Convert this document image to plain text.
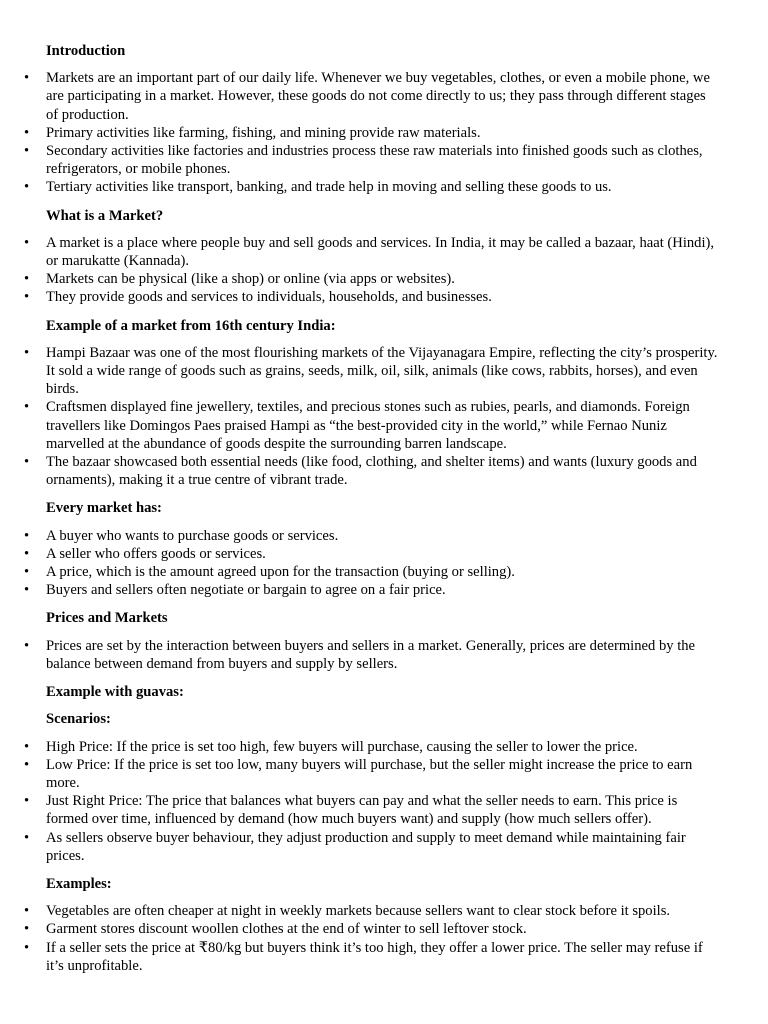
Introduction
• Markets are an important part of our daily life. Whenever we buy vegetables, clothes, or even a mobile phone, we are participating in a market. However, these goods do not come directly to us; they pass through different stages of production.
• Primary activities like farming, fishing, and mining provide raw materials.
• Secondary activities like factories and industries process these raw materials into finished goods such as clothes, refrigerators, or mobile phones.
• Tertiary activities like transport, banking, and trade help in moving and selling these goods to us.
What is a Market?
• A market is a place where people buy and sell goods and services. In India, it may be called a bazaar, haat (Hindi), or marukatte (Kannada).
• Markets can be physical (like a shop) or online (via apps or websites).
• They provide goods and services to individuals, households, and businesses.
Example of a market from 16th century India:
• Hampi Bazaar was one of the most flourishing markets of the Vijayanagara Empire, reflecting the city’s prosperity. It sold a wide range of goods such as grains, seeds, milk, oil, silk, animals (like cows, rabbits, horses), and even birds.
• Craftsmen displayed fine jewellery, textiles, and precious stones such as rubies, pearls, and diamonds. Foreign travellers like Domingos Paes praised Hampi as “the best-provided city in the world,” while Fernao Nuniz marvelled at the abundance of goods despite the surrounding barren landscape.
• The bazaar showcased both essential needs (like food, clothing, and shelter items) and wants (luxury goods and ornaments), making it a true centre of vibrant trade.
Every market has:
• A buyer who wants to purchase goods or services.
• A seller who offers goods or services.
• A price, which is the amount agreed upon for the transaction (buying or selling).
• Buyers and sellers often negotiate or bargain to agree on a fair price.
Prices and Markets
• Prices are set by the interaction between buyers and sellers in a market. Generally, prices are determined by the balance between demand from buyers and supply by sellers.
Example with guavas:
Scenarios:
• High Price: If the price is set too high, few buyers will purchase, causing the seller to lower the price.
• Low Price: If the price is set too low, many buyers will purchase, but the seller might increase the price to earn more.
• Just Right Price: The price that balances what buyers can pay and what the seller needs to earn. This price is formed over time, influenced by demand (how much buyers want) and supply (how much sellers offer).
• As sellers observe buyer behaviour, they adjust production and supply to meet demand while maintaining fair prices.
Examples:
• Vegetables are often cheaper at night in weekly markets because sellers want to clear stock before it spoils.
• Garment stores discount woollen clothes at the end of winter to sell leftover stock.
• If a seller sets the price at ₹80/kg but buyers think it’s too high, they offer a lower price. The seller may refuse if it’s unprofitable.
